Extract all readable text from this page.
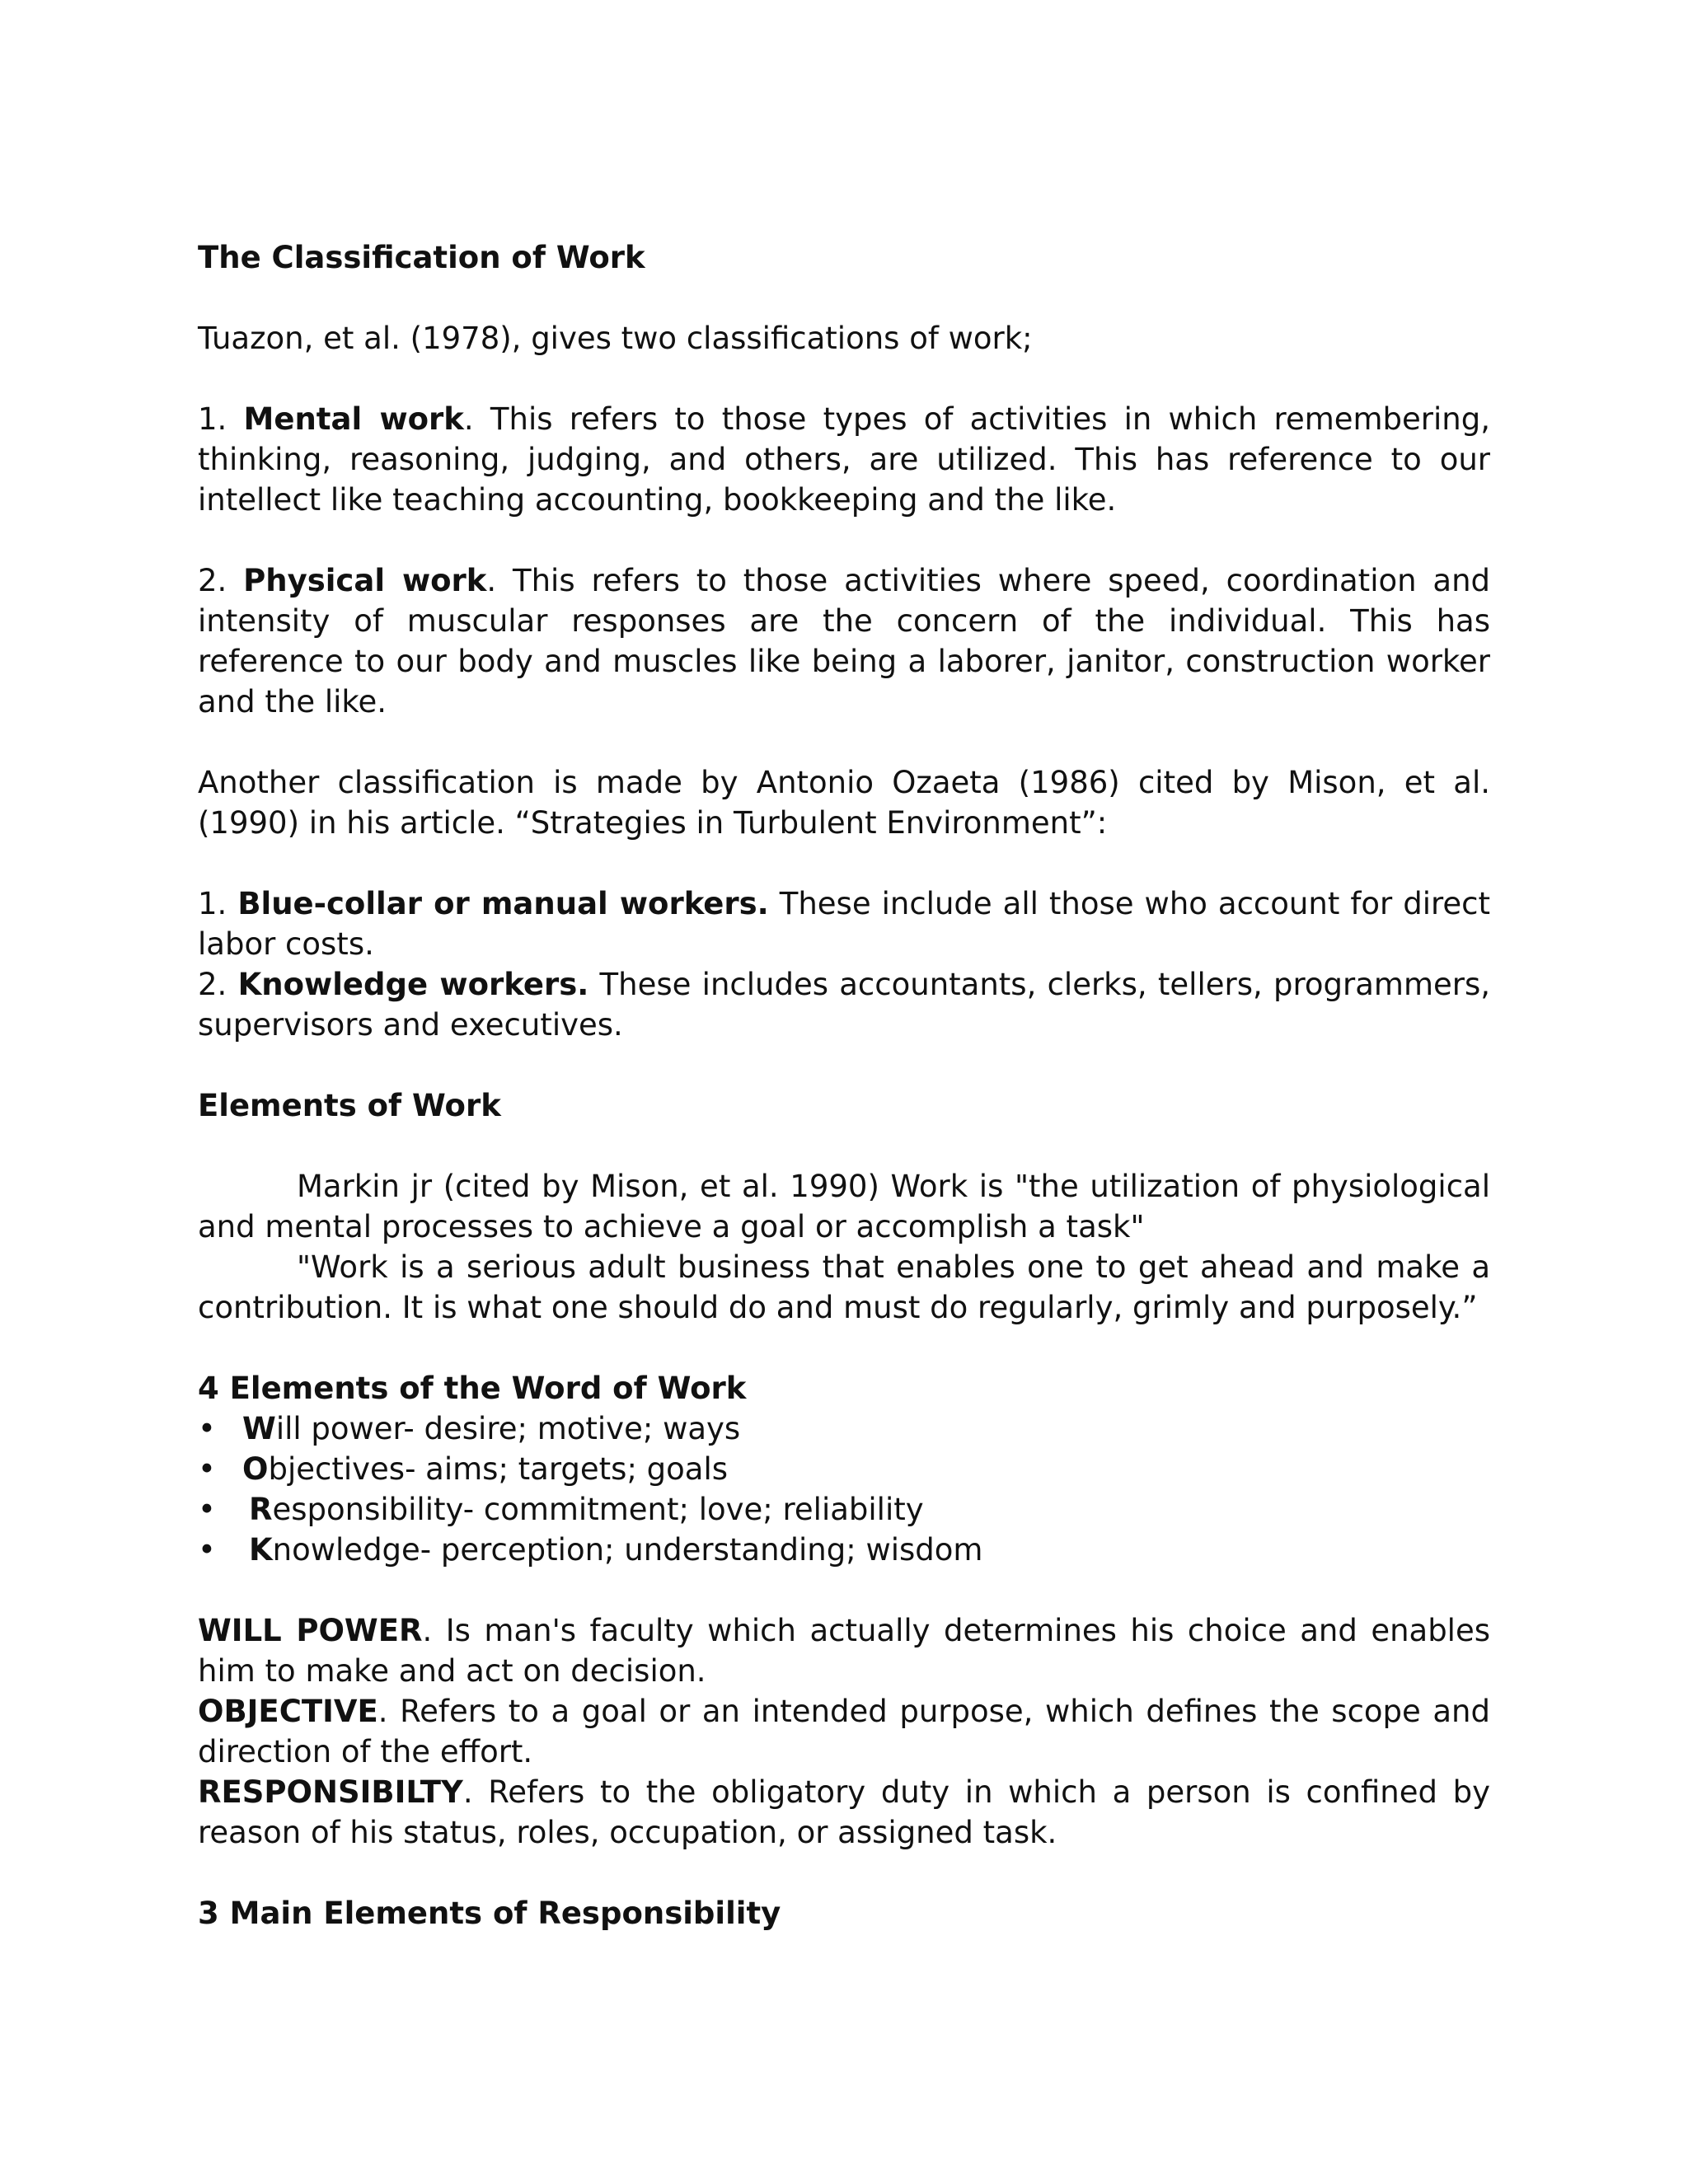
The Classification of Work

Tuazon, et al. (1978), gives two classifications of work;

1. Mental work. This refers to those types of activities in which remembering, thinking, reasoning, judging, and others, are utilized. This has reference to our intellect like teaching accounting, bookkeeping and the like.

2. Physical work. This refers to those activities where speed, coordination and intensity of muscular responses are the concern of the individual. This has reference to our body and muscles like being a laborer, janitor, construction worker and the like.

Another classification is made by Antonio Ozaeta (1986) cited by Mison, et al. (1990) in his article. “Strategies in Turbulent Environment”:

1. Blue-collar or manual workers. These include all those who account for direct labor costs.

2. Knowledge workers. These includes accountants, clerks, tellers, programmers, supervisors and executives.

Elements of Work

Markin jr (cited by Mison, et al. 1990) Work is "the utilization of physiological and mental processes to achieve a goal or accomplish a task"

"Work is a serious adult business that enables one to get ahead and make a contribution. It is what one should do and must do regularly, grimly and purposely.”

4 Elements of the Word of Work

• Will power- desire; motive; ways
• Objectives- aims; targets; goals
• Responsibility- commitment; love; reliability
• Knowledge- perception; understanding; wisdom

WILL POWER. Is man's faculty which actually determines his choice and enables him to make and act on decision.

OBJECTIVE. Refers to a goal or an intended purpose, which defines the scope and direction of the effort.

RESPONSIBILTY. Refers to the obligatory duty in which a person is confined by reason of his status, roles, occupation, or assigned task.

3 Main Elements of Responsibility
